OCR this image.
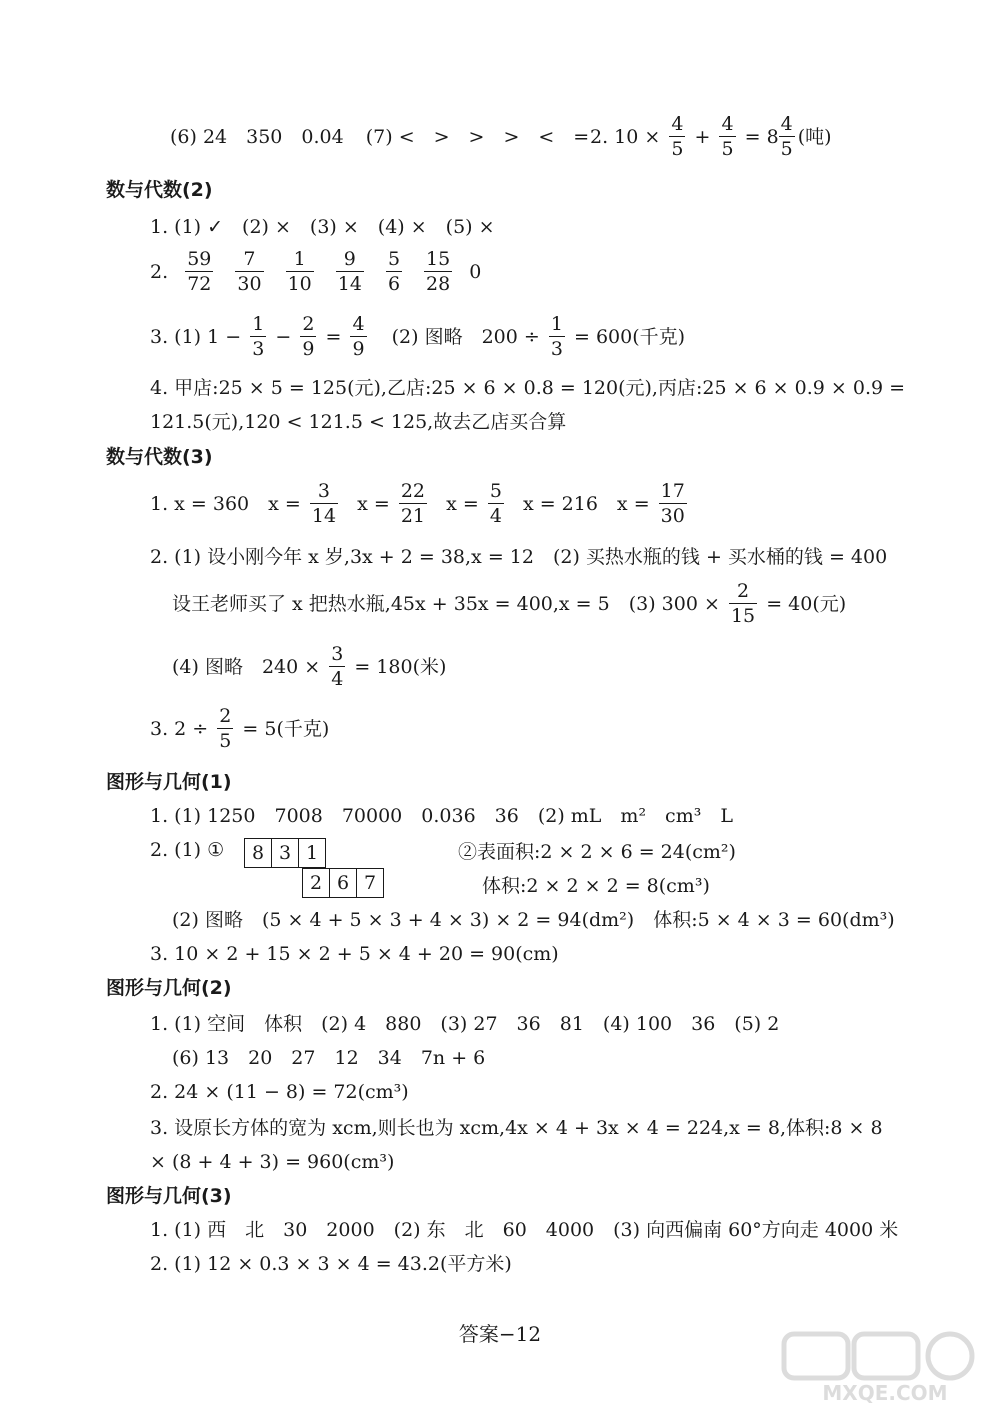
(6) 24　350　0.04 (7) <　>　>　>　<　= 2. $10 \times \frac{4}{5} + \frac{4}{5} = 8 \frac{4}{5}$ (吨)
数与代数(2)
1. (1) ✓　(2) ×　(3) ×　(4) ×　(5) ×
2. $\frac{59}{72} \frac{7}{30} \frac{1}{10} \frac{9}{14} \frac{5}{6} \frac{15}{28} 0$
3. (1) $1 - \frac{1}{3} - \frac{2}{9} = \frac{4}{9} (2)$ 图略　$200 \div \frac{1}{3} = 600$(千克)
4. 甲店:25 × 5 = 125(元),乙店:25 × 6 × 0.8 = 120(元),丙店:25 × 6 × 0.9 × 0.9 =
121.5(元),120 < 121.5 < 125,故去乙店买合算
数与代数(3)
1. x = 360　$x = \frac{3}{14}$ $x = \frac{22}{21}$ $x = \frac{5}{4}$ x = 216　$x = \frac{17}{30}$
2. (1) 设小刚今年 x 岁,3x + 2 = 38,x = 12　(2) 买热水瓶的钱 + 买水桶的钱 = 400
设王老师买了 x 把热水瓶,45x + 35x = 400,x = 5　(3) $300 \times \frac{2}{15} = 40$(元)
(4) 图略　$240 \times \frac{3}{4} = 180$(米)
3. $2 \div \frac{2}{5} = 5$(千克)
图形与几何(1)
1. (1) 1250　7008　70000　0.036　36　(2) mL　m²　cm³　L
2. (1) ① 8	3	1
2	6	7
②表面积:2 × 2 × 6 = 24(cm²)
体积:2 × 2 × 2 = 8(cm³)
(2) 图略　(5 × 4 + 5 × 3 + 4 × 3) × 2 = 94(dm²)　体积:5 × 4 × 3 = 60(dm³)
3. 10 × 2 + 15 × 2 + 5 × 4 + 20 = 90(cm)
图形与几何(2)
1. (1) 空间　体积　(2) 4　880　(3) 27　36　81　(4) 100　36　(5) 2
(6) 13　20　27　12　34　7n + 6
2. 24 × (11 − 8) = 72(cm³)
3. 设原长方体的宽为 xcm,则长也为 xcm,4x × 4 + 3x × 4 = 224,x = 8,体积:8 × 8
× (8 + 4 + 3) = 960(cm³)
图形与几何(3)
1. (1) 西　北　30　2000　(2) 东　北　60　4000　(3) 向西偏南 60°方向走 4000 米
2. (1) 12 × 0.3 × 3 × 4 = 43.2(平方米)
答案−12
MXQE.COM
